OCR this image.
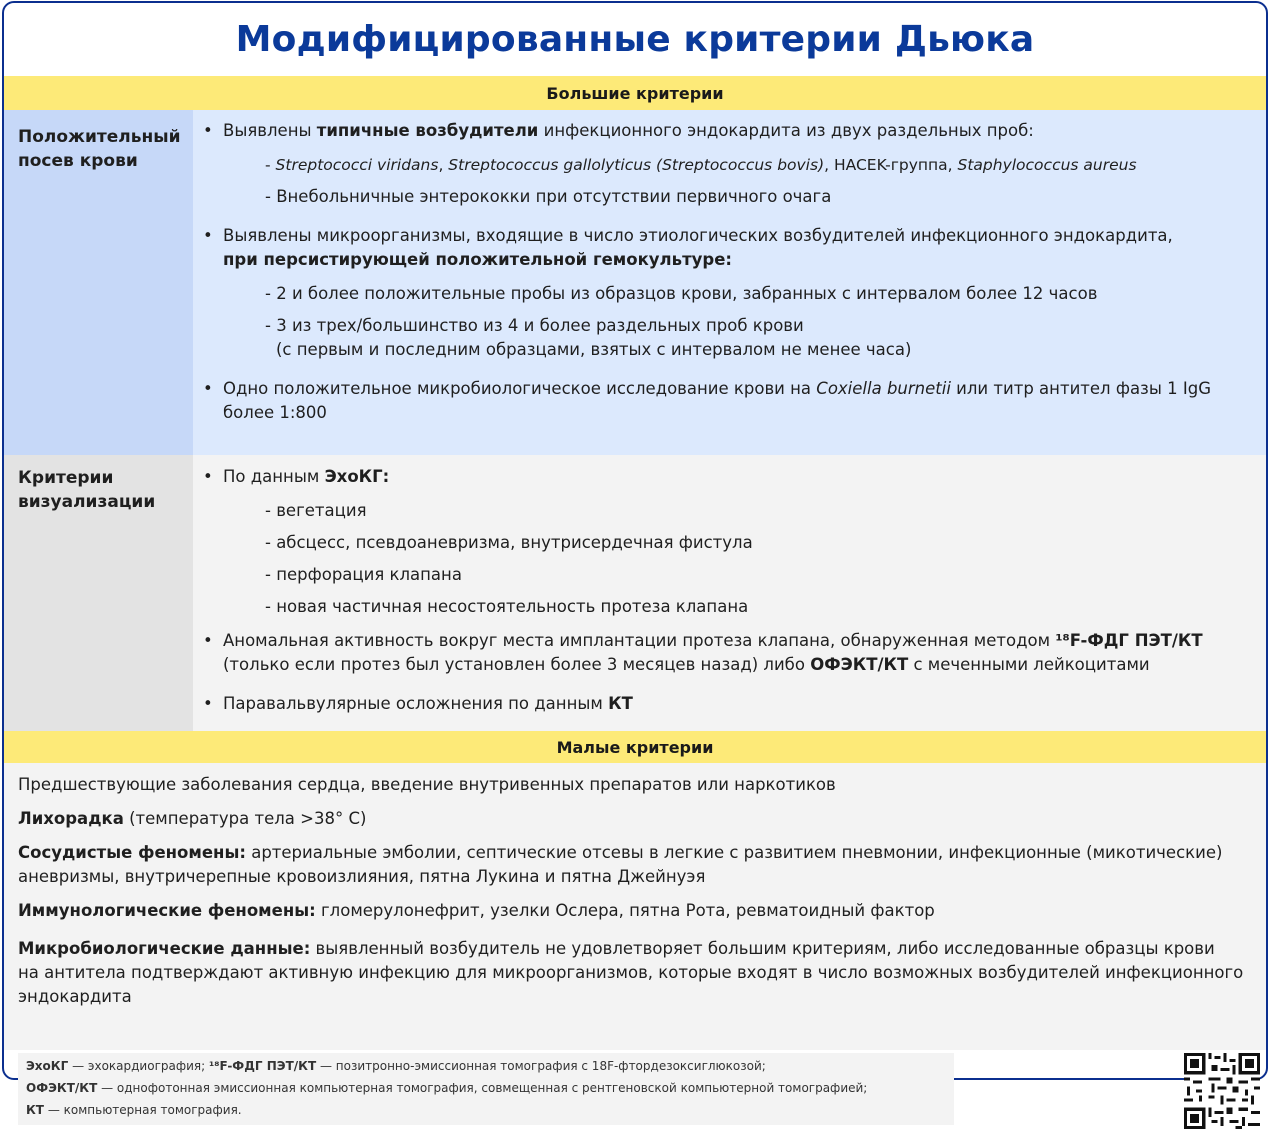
Модифицированные критерии Дьюка
Большие критерии
Положительный
посев крови
• Выявлены типичные возбудители инфекционного эндокардита из двух раздельных проб:
- Streptococci viridans, Streptococcus gallolyticus (Streptococcus bovis), HACEK-группа, Staphylococcus aureus
- Внебольничные энтерококки при отсутствии первичного очага
• Выявлены микроорганизмы, входящие в число этиологических возбудителей инфекционного эндокардита,
при персистирующей положительной гемокультуре:
- 2 и более положительные пробы из образцов крови, забранных с интервалом более 12 часов
- 3 из трех/большинство из 4 и более раздельных проб крови
(с первым и последним образцами, взятых с интервалом не менее часа)
• Одно положительное микробиологическое исследование крови на Coxiella burnetii или титр антител фазы 1 IgG
более 1:800
Критерии
визуализации
• По данным ЭхоКГ:
- вегетация
- абсцесс, псевдоаневризма, внутрисердечная фистула
- перфорация клапана
- новая частичная несостоятельность протеза клапана
• Аномальная активность вокруг места имплантации протеза клапана, обнаруженная методом ¹⁸F-ФДГ ПЭТ/КТ
(только если протез был установлен более 3 месяцев назад) либо ОФЭКТ/КТ с меченными лейкоцитами
• Паравальвулярные осложнения по данным КТ
Малые критерии

Предшествующие заболевания сердца, введение внутривенных препаратов или наркотиков

Лихорадка (температура тела >38° С)

Сосудистые феномены: артериальные эмболии, септические отсевы в легкие с развитием пневмонии, инфекционные (микотические)
аневризмы, внутричерепные кровоизлияния, пятна Лукина и пятна Джейнуэя

Иммунологические феномены: гломерулонефрит, узелки Ослера, пятна Рота, ревматоидный фактор

Микробиологические данные: выявленный возбудитель не удовлетворяет большим критериям, либо исследованные образцы крови
на антитела подтверждают активную инфекцию для микроорганизмов, которые входят в число возможных возбудителей инфекционного
эндокардита

ЭхоКГ — эхокардиография; ¹⁸F-ФДГ ПЭТ/КТ — позитронно-эмиссионная томография с 18F-фтордезоксиглюкозой;
ОФЭКТ/КТ — однофотонная эмиссионная компьютерная томография, совмещенная с рентгеновской компьютерной томографией;
КТ — компьютерная томография.
